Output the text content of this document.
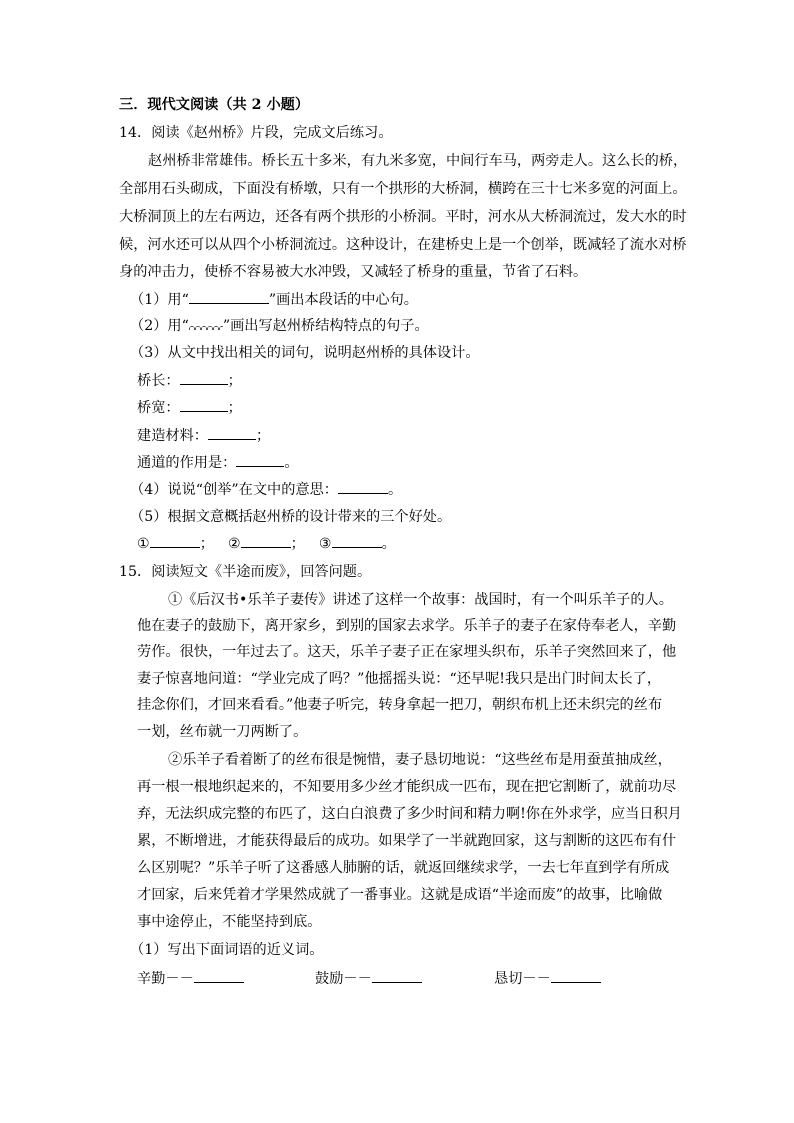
三．现代文阅读（共 2 小题）
14．阅读《赵州桥》片段，完成文后练习。
赵州桥非常雄伟。桥长五十多米，有九米多宽，中间行车马，两旁走人。这么长的桥，
全部用石头砌成，下面没有桥墩，只有一个拱形的大桥洞，横跨在三十七米多宽的河面上。
大桥洞顶上的左右两边，还各有两个拱形的小桥洞。平时，河水从大桥洞流过，发大水的时
候，河水还可以从四个小桥洞流过。这种设计，在建桥史上是一个创举，既减轻了流水对桥
身的冲击力，使桥不容易被大水冲毁，又减轻了桥身的重量，节省了石料。
（1）用“	”画出本段话的中心句。
（2）用“ ”画出写赵州桥结构特点的句子。
（3）从文中找出相关的词句，说明赵州桥的具体设计。
桥长：	；
桥宽：	；
建造材料：	；
通道的作用是：	。
（4）说说“创举”在文中的意思：	。
（5）根据文意概括赵州桥的设计带来的三个好处。
①	； ②	； ③	。
15．阅读短文《半途而废》，回答问题。
①《后汉书•乐羊子妻传》讲述了这样一个故事：战国时，有一个叫乐羊子的人。
他在妻子的鼓励下，离开家乡，到别的国家去求学。乐羊子的妻子在家侍奉老人，辛勤
劳作。很快，一年过去了。这天，乐羊子妻子正在家埋头织布，乐羊子突然回来了，他
妻子惊喜地问道：“学业完成了吗？”他摇摇头说：“还早呢!我只是出门时间太长了，
挂念你们，才回来看看。”他妻子听完，转身拿起一把刀，朝织布机上还未织完的丝布
一划，丝布就一刀两断了。
②乐羊子看着断了的丝布很是惋惜，妻子恳切地说：“这些丝布是用蚕茧抽成丝，
再一根一根地织起来的，不知要用多少丝才能织成一匹布，现在把它割断了，就前功尽
弃，无法织成完整的布匹了，这白白浪费了多少时间和精力啊!你在外求学，应当日积月
累，不断增进，才能获得最后的成功。如果学了一半就跑回家，这与割断的这匹布有什
么区别呢？”乐羊子听了这番感人肺腑的话，就返回继续求学，一去七年直到学有所成
才回家，后来凭着才学果然成就了一番事业。这就是成语“半途而废”的故事，比喻做
事中途停止，不能坚持到底。
（1）写出下面词语的近义词。
辛勤－－	鼓励－－	恳切－－
